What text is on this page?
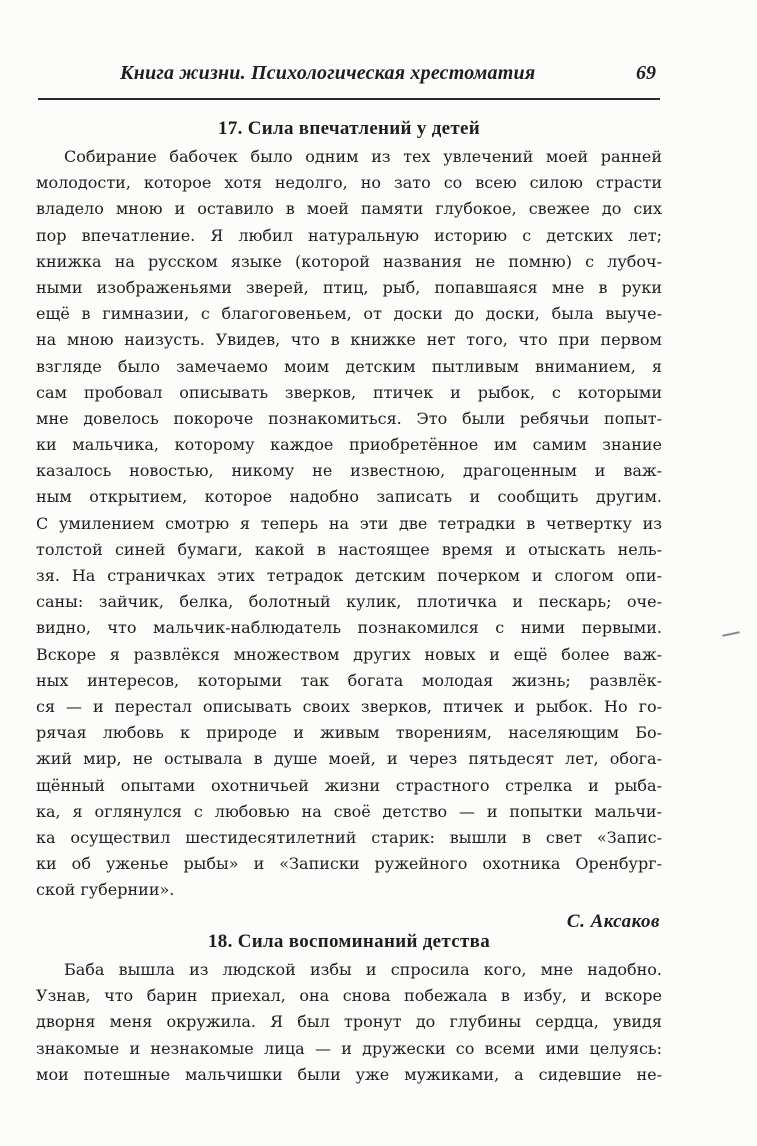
Книга жизни. Психологическая хрестоматия	69
17. Сила впечатлений у детей
Собирание бабочек было одним из тех увлечений моей ранней
молодости, которое хотя недолго, но зато со всею силою страсти
владело мною и оставило в моей памяти глубокое, свежее до сих
пор впечатление. Я любил натуральную историю с детских лет;
книжка на русском языке (которой названия не помню) с лубоч-
ными изображеньями зверей, птиц, рыб, попавшаяся мне в руки
ещё в гимназии, с благоговеньем, от доски до доски, была выуче-
на мною наизусть. Увидев, что в книжке нет того, что при первом
взгляде было замечаемо моим детским пытливым вниманием, я
сам пробовал описывать зверков, птичек и рыбок, с которыми
мне довелось покороче познакомиться. Это были ребячьи попыт-
ки мальчика, которому каждое приобретённое им самим знание
казалось новостью, никому не известною, драгоценным и важ-
ным открытием, которое надобно записать и сообщить другим.
С умилением смотрю я теперь на эти две тетрадки в четвертку из
толстой синей бумаги, какой в настоящее время и отыскать нель-
зя. На страничках этих тетрадок детским почерком и слогом опи-
саны: зайчик, белка, болотный кулик, плотичка и пескарь; оче-
видно, что мальчик-наблюдатель познакомился с ними первыми.
Вскоре я развлёкся множеством других новых и ещё более важ-
ных интересов, которыми так богата молодая жизнь; развлёк-
ся — и перестал описывать своих зверков, птичек и рыбок. Но го-
рячая любовь к природе и живым творениям, населяющим Бо-
жий мир, не остывала в душе моей, и через пятьдесят лет, обога-
щённый опытами охотничьей жизни страстного стрелка и рыба-
ка, я оглянулся с любовью на своё детство — и попытки мальчи-
ка осуществил шестидесятилетний старик: вышли в свет «Запис-
ки об уженье рыбы» и «Записки ружейного охотника Оренбург-
ской губернии».
С. Аксаков
18. Сила воспоминаний детства
Баба вышла из людской избы и спросила кого, мне надобно.
Узнав, что барин приехал, она снова побежала в избу, и вскоре
дворня меня окружила. Я был тронут до глубины сердца, увидя
знакомые и незнакомые лица — и дружески со всеми ими целуясь:
мои потешные мальчишки были уже мужиками, а сидевшие не-
